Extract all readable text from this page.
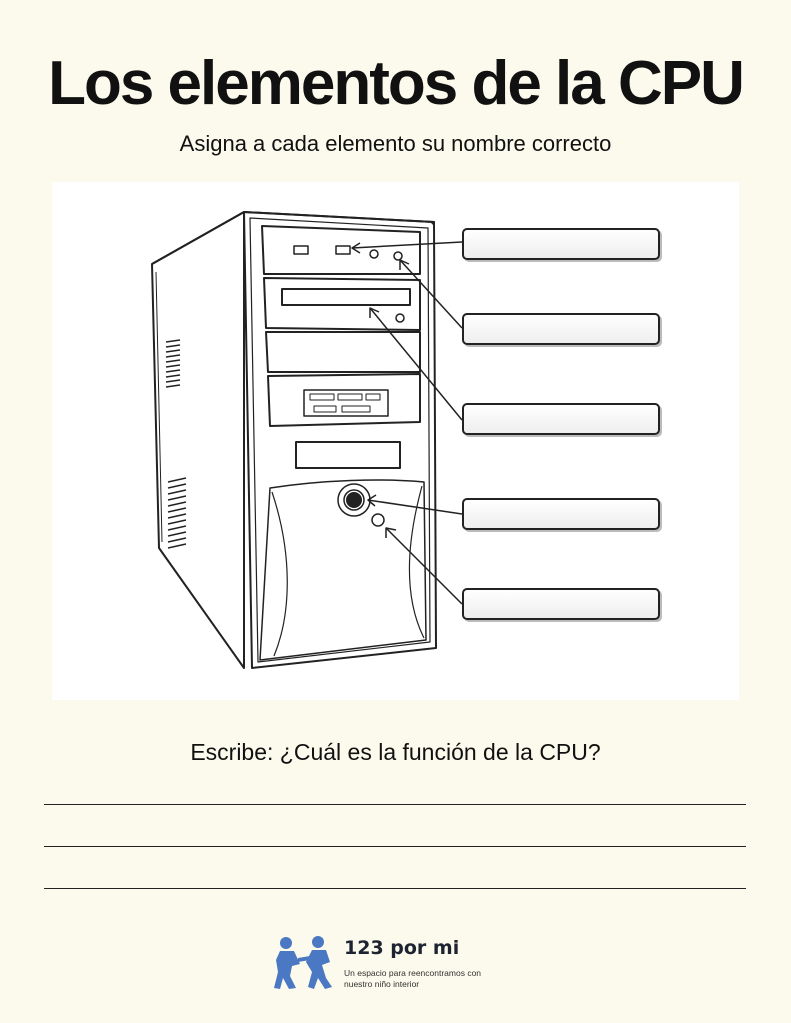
Los elementos de la CPU
Asigna a cada elemento su nombre correcto
Escribe: ¿Cuál es la función de la CPU?
123 por mi
Un espacio para reencontramos con nuestro niño interior
